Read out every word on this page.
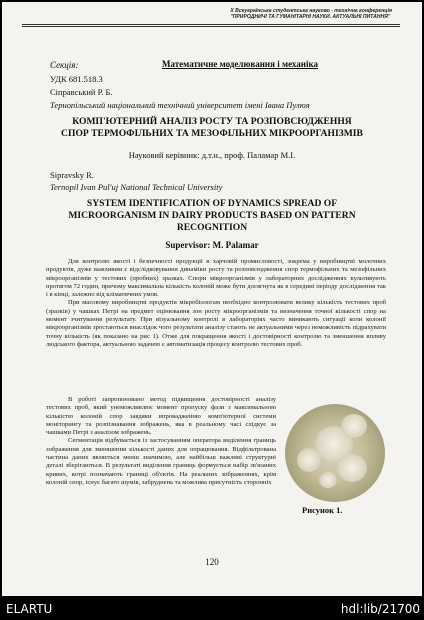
X Всеукраїнська студентська науково - технічна конференція
"ПРИРОДНИЧІ ТА ГУМАНІТАРНІ НАУКИ. АКТУАЛЬНІ ПИТАННЯ"
Секція:	Математичне моделювання і механіка
УДК 681.518.3
Сіправський Р. Б.
Тернопільський національний технічний університет імені Івана Пулюя
КОМП'ЮТЕРНИЙ АНАЛІЗ РОСТУ ТА РОЗПОВСЮДЖЕННЯ
СПОР ТЕРМОФІЛЬНИХ ТА МЕЗОФІЛЬНИХ МІКРООРГАНІЗМІВ
Науковий керівник: д.т.н., проф. Паламар М.І.
Sipravsky R.
Ternopil Ivan Pul'uj National Technical University
SYSTEM IDENTIFICATION OF DYNAMICS SPREAD OF
MICROORGANISM IN DAIRY PRODUCTS BASED ON PATTERN
RECOGNITION
Supervisor: M. Palamar

Для контролю якості і безпечності продукції в харчовій промисловості, зокрема у виробництві молочних продуктів, дуже важливим є відслідковування динаміки росту та розповсюдження спор термофільних та мезофільних мікроорганізмів у тестових (пробних) зразках. Спори мікроорганізмів у лабораторних дослідженнях культивують протягом 72 годин, причому максимальна кількість колоній може бути досягнута як в середині періоду дослідження так і в кінці, залежно від кліматичних умов.

При масовому виробництві продуктів мікробіологам необхідно контролювати велику кількість тестових проб (зразків) у чашках Петрі на предмет оцінювання зон росту мікроорганізмів та визначення точної кількості спор на момент зчитування результату. При візуальному контролі в лабораторіях часто виникають ситуації коли колонії мікроорганізмів зростаються внаслідок чого результати аналізу стають не актуальними через неможливість підрахувати точну кількість (як показано на рис 1). Отже для покращення якості і достовірності контролю та зменшення впливу людського фактора, актуальною задачею є автоматизація процесу контролю тестових проб.

В роботі запропоновано метод підвищення достовірності аналізу тестових проб, який унеможливлює момент пропуску фази з максимальною кількістю колоній спор завдяки впровадженню комп'ютерної системи моніторингу та розпізнавання зображень, яка в реальному часі слідкує за чашками Петрі з аналізом зображень.

Сегментація відбувається із застосуванням оператора виділення границь зображення для зменшення кількості даних для опрацювання. Відфільтрована частина даних являється менш значимою, але найбільш важливі структурні деталі зберігаються. В результаті виділення границь формується набір зв'язаних кривих, котрі позначають границі об'єктів. На реальних зображеннях, крім колоній спор, існує багато шумів, забруднень та можлива присутність сторонніх

Рисунок 1.
120
ELARTU	hdl:lib/21700
